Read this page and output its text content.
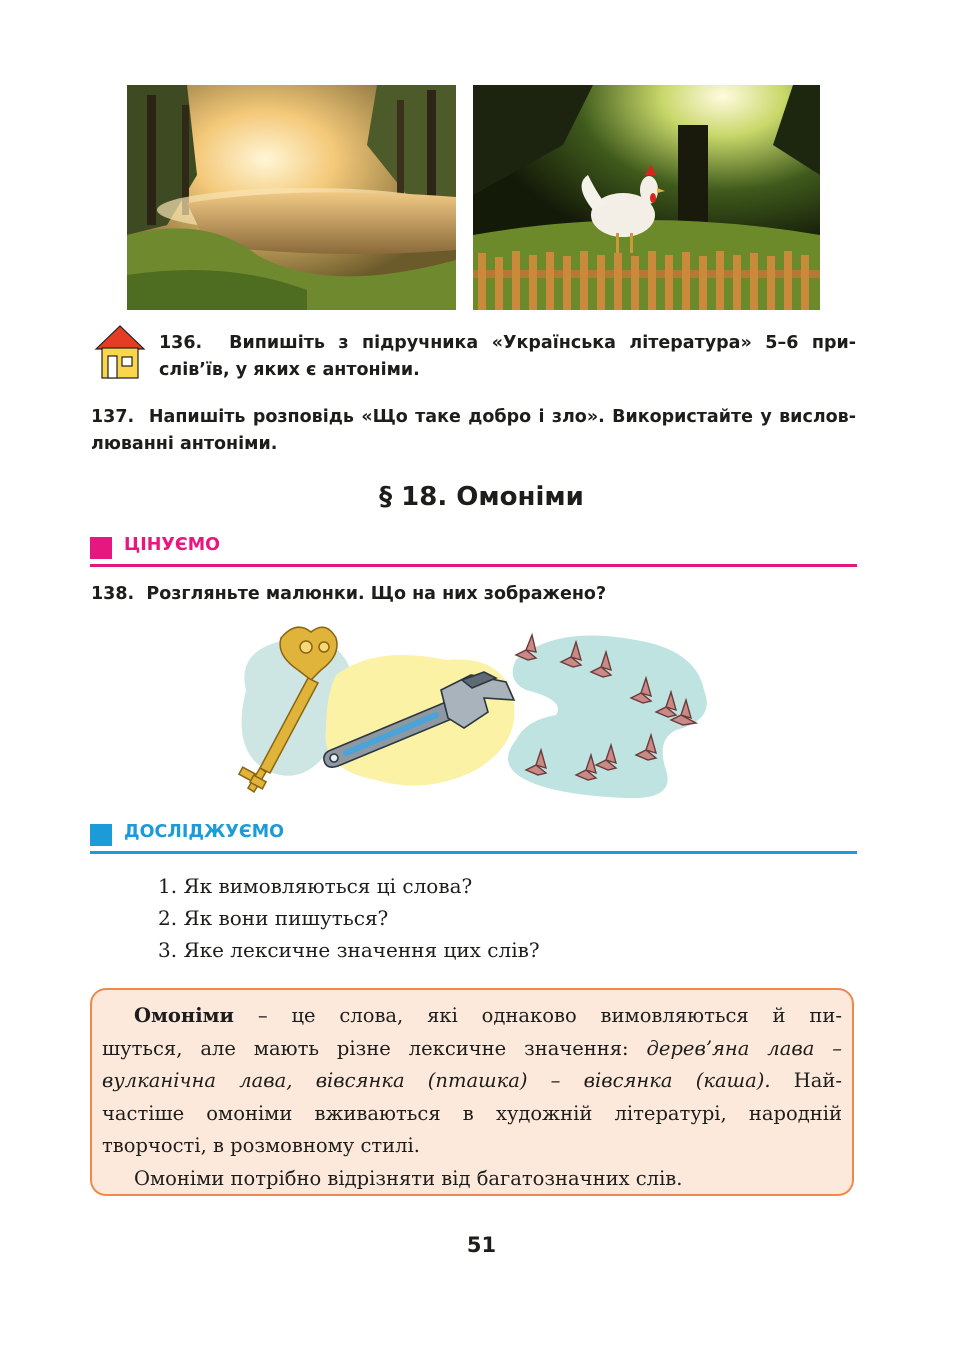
136. Випишіть з підручника «Українська література» 5–6 при-
слів’їв, у яких є антоніми.
137. Напишіть розповідь «Що таке добро і зло». Використайте у вислов-
люванні антоніми.
§ 18. Омоніми
ЦІНУЄМО
138. Розгляньте малюнки. Що на них зображено?
ДОСЛІДЖУЄМО
1. Як вимовляються ці слова?
2. Як вони пишуться?
3. Яке лексичне значення цих слів?
Омоніми – це слова, які однаково вимовляються й пи-
шуться, але мають різне лексичне значення: дерев’яна лава –
вулканічна лава, вівсянка (пташка) – вівсянка (каша). Най-
частіше омоніми вживаються в художній літературі, народній
творчості, в розмовному стилі.
Омоніми потрібно відрізняти від багатозначних слів.
51
